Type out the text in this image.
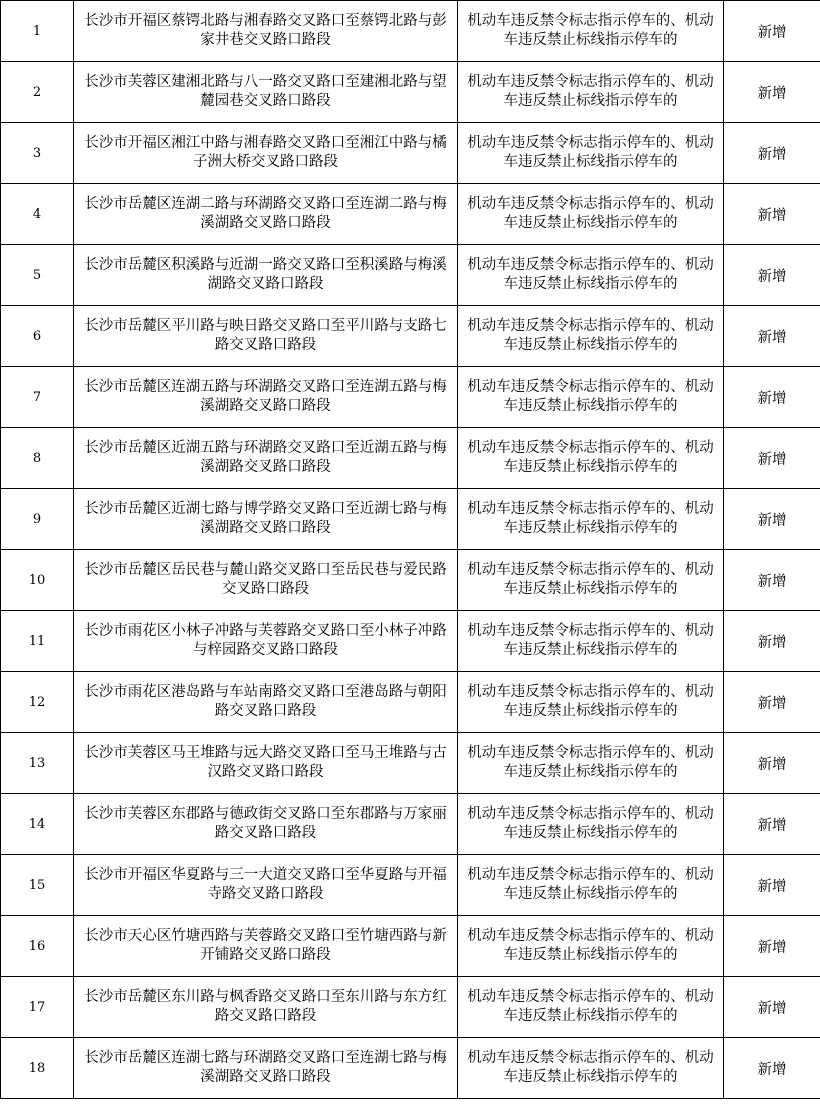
1	长沙市开福区蔡锷北路与湘春路交叉路口至蔡锷北路与彭家井巷交叉路口路段	机动车违反禁令标志指示停车的、机动车违反禁止标线指示停车的	新增
2	长沙市芙蓉区建湘北路与八一路交叉路口至建湘北路与望麓园巷交叉路口路段	机动车违反禁令标志指示停车的、机动车违反禁止标线指示停车的	新增
3	长沙市开福区湘江中路与湘春路交叉路口至湘江中路与橘子洲大桥交叉路口路段	机动车违反禁令标志指示停车的、机动车违反禁止标线指示停车的	新增
4	长沙市岳麓区连湖二路与环湖路交叉路口至连湖二路与梅溪湖路交叉路口路段	机动车违反禁令标志指示停车的、机动车违反禁止标线指示停车的	新增
5	长沙市岳麓区积溪路与近湖一路交叉路口至积溪路与梅溪湖路交叉路口路段	机动车违反禁令标志指示停车的、机动车违反禁止标线指示停车的	新增
6	长沙市岳麓区平川路与映日路交叉路口至平川路与支路七路交叉路口路段	机动车违反禁令标志指示停车的、机动车违反禁止标线指示停车的	新增
7	长沙市岳麓区连湖五路与环湖路交叉路口至连湖五路与梅溪湖路交叉路口路段	机动车违反禁令标志指示停车的、机动车违反禁止标线指示停车的	新增
8	长沙市岳麓区近湖五路与环湖路交叉路口至近湖五路与梅溪湖路交叉路口路段	机动车违反禁令标志指示停车的、机动车违反禁止标线指示停车的	新增
9	长沙市岳麓区近湖七路与博学路交叉路口至近湖七路与梅溪湖路交叉路口路段	机动车违反禁令标志指示停车的、机动车违反禁止标线指示停车的	新增
10	长沙市岳麓区岳民巷与麓山路交叉路口至岳民巷与爱民路交叉路口路段	机动车违反禁令标志指示停车的、机动车违反禁止标线指示停车的	新增
11	长沙市雨花区小林子冲路与芙蓉路交叉路口至小林子冲路与梓园路交叉路口路段	机动车违反禁令标志指示停车的、机动车违反禁止标线指示停车的	新增
12	长沙市雨花区港岛路与车站南路交叉路口至港岛路与朝阳路交叉路口路段	机动车违反禁令标志指示停车的、机动车违反禁止标线指示停车的	新增
13	长沙市芙蓉区马王堆路与远大路交叉路口至马王堆路与古汉路交叉路口路段	机动车违反禁令标志指示停车的、机动车违反禁止标线指示停车的	新增
14	长沙市芙蓉区东郡路与德政街交叉路口至东郡路与万家丽路交叉路口路段	机动车违反禁令标志指示停车的、机动车违反禁止标线指示停车的	新增
15	长沙市开福区华夏路与三一大道交叉路口至华夏路与开福寺路交叉路口路段	机动车违反禁令标志指示停车的、机动车违反禁止标线指示停车的	新增
16	长沙市天心区竹塘西路与芙蓉路交叉路口至竹塘西路与新开铺路交叉路口路段	机动车违反禁令标志指示停车的、机动车违反禁止标线指示停车的	新增
17	长沙市岳麓区东川路与枫香路交叉路口至东川路与东方红路交叉路口路段	机动车违反禁令标志指示停车的、机动车违反禁止标线指示停车的	新增
18	长沙市岳麓区连湖七路与环湖路交叉路口至连湖七路与梅溪湖路交叉路口路段	机动车违反禁令标志指示停车的、机动车违反禁止标线指示停车的	新增
